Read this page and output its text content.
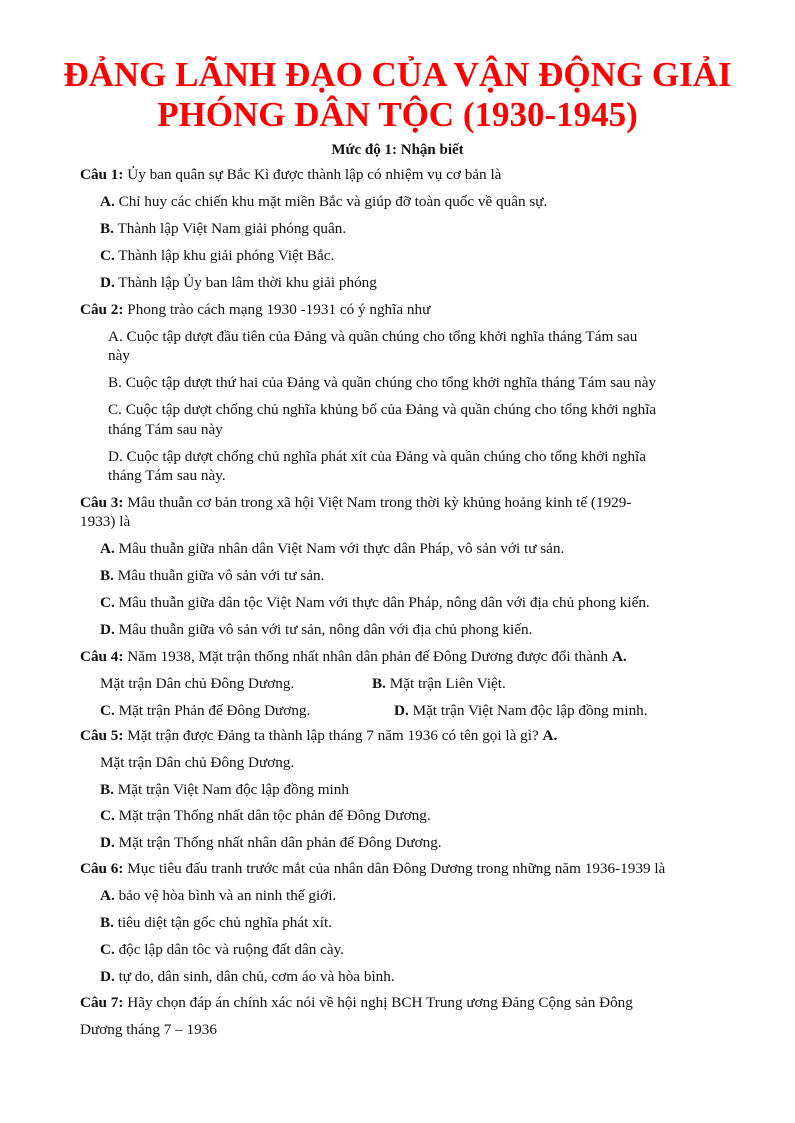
ĐẢNG LÃNH ĐẠO CỦA VẬN ĐỘNG GIẢI
PHÓNG DÂN TỘC (1930-1945)
Mức độ 1: Nhận biết
Câu 1: Ủy ban quân sự Bắc Kì được thành lập có nhiệm vụ cơ bản là
A. Chỉ huy các chiến khu mặt miền Bắc và giúp đỡ toàn quốc về quân sự.
B. Thành lập Việt Nam giải phóng quân.
C. Thành lập khu giải phóng Việt Bắc.
D. Thành lập Ủy ban lâm thời khu giải phóng
Câu 2: Phong trào cách mạng 1930 -1931 có ý nghĩa như
A. Cuộc tập dượt đầu tiên của Đảng và quần chúng cho tổng khởi nghĩa tháng Tám sau
này
B. Cuộc tập dượt thứ hai của Đảng và quần chúng cho tổng khởi nghĩa tháng Tám sau này
C. Cuộc tập dượt chống chủ nghĩa khủng bố của Đảng và quần chúng cho tổng khởi nghĩa
tháng Tám sau này
D. Cuộc tập dượt chống chủ nghĩa phát xít của Đảng và quần chúng cho tổng khởi nghĩa
tháng Tám sau này.
Câu 3: Mâu thuẫn cơ bản trong xã hội Việt Nam trong thời kỳ khủng hoảng kinh tế (1929-
1933) là
A. Mâu thuẫn giữa nhân dân Việt Nam với thực dân Pháp, vô sản với tư sản.
B. Mâu thuẫn giữa vô sản với tư sản.
C. Mâu thuẫn giữa dân tộc Việt Nam với thực dân Pháp, nông dân với địa chủ phong kiến.
D. Mâu thuẫn giữa vô sản với tư sản, nông dân với địa chủ phong kiến.
Câu 4: Năm 1938, Mặt trận thống nhất nhân dân phản đế Đông Dương được đổi thành A.
Mặt trận Dân chủ Đông Dương.	B. Mặt trận Liên Việt.
C. Mặt trận Phản đế Đông Dương.	D. Mặt trận Việt Nam độc lập đồng minh.
Câu 5: Mặt trận được Đảng ta thành lập tháng 7 năm 1936 có tên gọi là gì? A.
Mặt trận Dân chủ Đông Dương.
B. Mặt trận Việt Nam độc lập đồng minh
C. Mặt trận Thống nhất dân tộc phản đế Đông Dương.
D. Mặt trận Thống nhất nhân dân phản đế Đông Dương.
Câu 6: Mục tiêu đấu tranh trước mắt của nhân dân Đông Dương trong những năm 1936-1939 là
A. bảo vệ hòa bình và an ninh thế giới.
B. tiêu diệt tận gốc chủ nghĩa phát xít.
C. độc lập dân tôc và ruộng đất dân cày.
D. tự do, dân sinh, dân chủ, cơm áo và hòa bình.
Câu 7: Hãy chọn đáp án chính xác nói về hội nghị BCH Trung ương Đảng Cộng sản Đông
Dương tháng 7 – 1936
